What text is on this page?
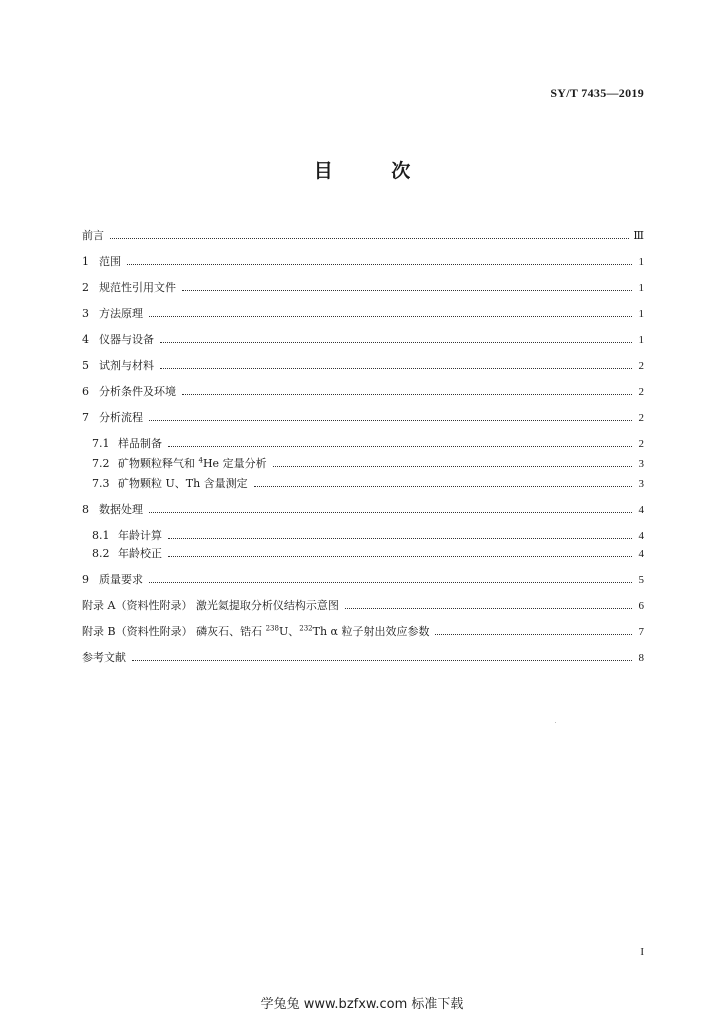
SY/T 7435—2019
目 次
前言	Ⅲ
1 范围	1
2 规范性引用文件	1
3 方法原理	1
4 仪器与设备	1
5 试剂与材料	2
6 分析条件及环境	2
7 分析流程	2
7.1 样品制备	2
7.2 矿物颗粒释气和 $^4$He 定量分析	3
7.3 矿物颗粒 U、Th 含量测定	3
8 数据处理	4
8.1 年龄计算	4
8.2 年龄校正	4
9 质量要求	5
附录 A（资料性附录） 激光氦提取分析仪结构示意图	6
附录 B（资料性附录） 磷灰石、锆石 $^{238}$U、$^{232}$Th α 粒子射出效应参数	7
参考文献	8
I
学兔兔 www.bzfxw.com 标准下载
